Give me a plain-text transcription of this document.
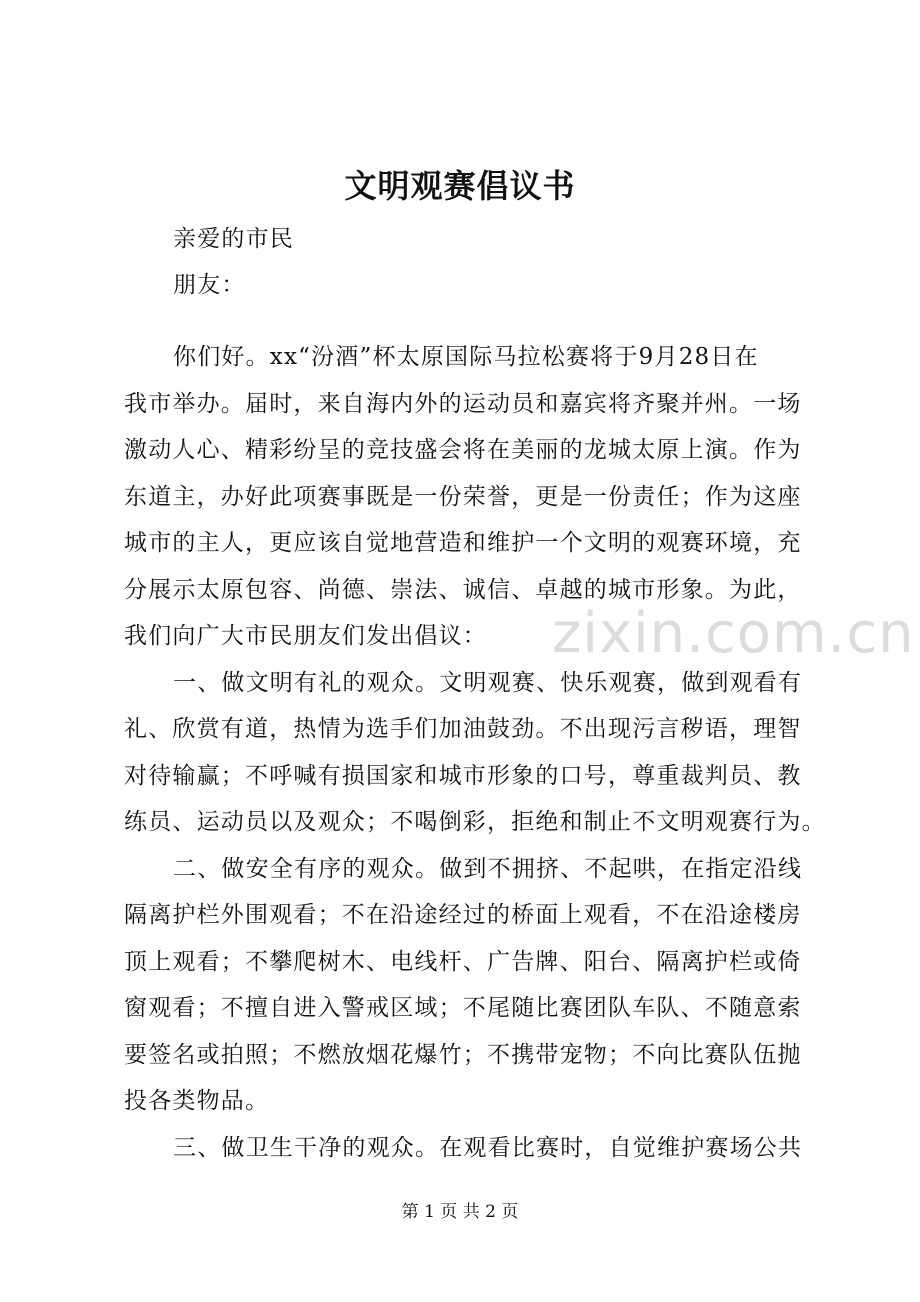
zixin.com.cn
文明观赛倡议书
亲爱的市民
朋友：
你们好。xx“汾酒”杯太原国际马拉松赛将于9月28日在
我市举办。届时，来自海内外的运动员和嘉宾将齐聚并州。一场
激动人心、精彩纷呈的竞技盛会将在美丽的龙城太原上演。作为
东道主，办好此项赛事既是一份荣誉，更是一份责任；作为这座
城市的主人，更应该自觉地营造和维护一个文明的观赛环境，充
分展示太原包容、尚德、崇法、诚信、卓越的城市形象。为此，
我们向广大市民朋友们发出倡议：
一、做文明有礼的观众。文明观赛、快乐观赛，做到观看有
礼、欣赏有道，热情为选手们加油鼓劲。不出现污言秽语，理智
对待输赢；不呼喊有损国家和城市形象的口号，尊重裁判员、教
练员、运动员以及观众；不喝倒彩，拒绝和制止不文明观赛行为。
二、做安全有序的观众。做到不拥挤、不起哄，在指定沿线
隔离护栏外围观看；不在沿途经过的桥面上观看，不在沿途楼房
顶上观看；不攀爬树木、电线杆、广告牌、阳台、隔离护栏或倚
窗观看；不擅自进入警戒区域；不尾随比赛团队车队、不随意索
要签名或拍照；不燃放烟花爆竹；不携带宠物；不向比赛队伍抛
投各类物品。
三、做卫生干净的观众。在观看比赛时，自觉维护赛场公共
第 1 页 共 2 页
